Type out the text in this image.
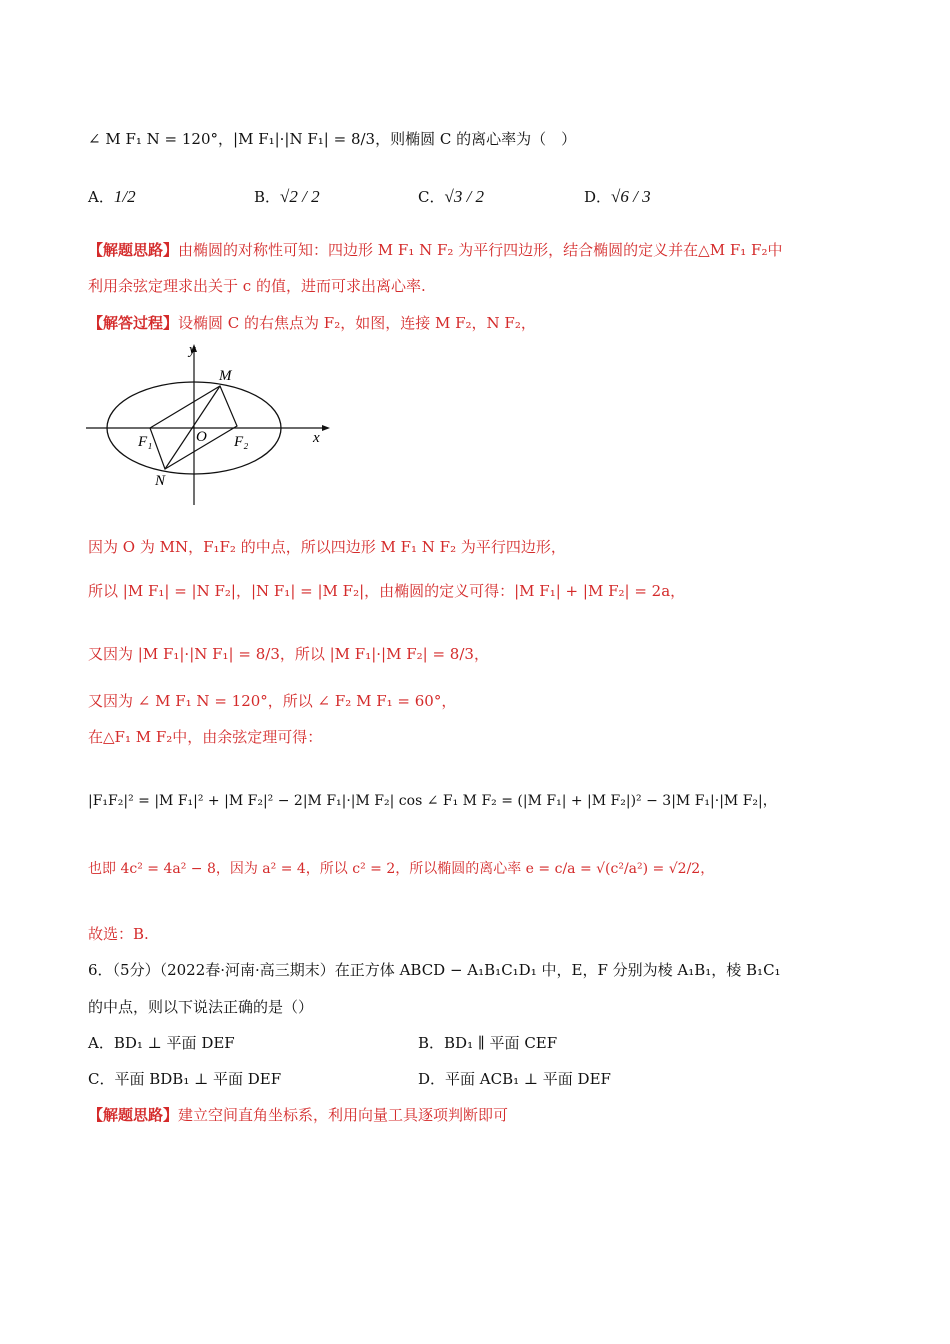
∠ M F₁ N = 120°，|M F₁|·|N F₁| = 8/3，则椭圆 C 的离心率为（　）
A．1/2	B．√2 / 2	C．√3 / 2	D．√6 / 3
【解题思路】由椭圆的对称性可知：四边形 M F₁ N F₂ 为平行四边形，结合椭圆的定义并在△M F₁ F₂中
利用余弦定理求出关于 c 的值，进而可求出离心率.
【解答过程】设椭圆 C 的右焦点为 F₂，如图，连接 M F₂，N F₂，
y
x
M
N
O
F₁	F₂
因为 O 为 MN，F₁F₂ 的中点，所以四边形 M F₁ N F₂ 为平行四边形，
所以 |M F₁| = |N F₂|，|N F₁| = |M F₂|，由椭圆的定义可得：|M F₁| + |M F₂| = 2a，
又因为 |M F₁|·|N F₁| = 8/3，所以 |M F₁|·|M F₂| = 8/3，
又因为 ∠ M F₁ N = 120°，所以 ∠ F₂ M F₁ = 60°，
在△F₁ M F₂中，由余弦定理可得：
|F₁F₂|² = |M F₁|² + |M F₂|² − 2|M F₁|·|M F₂| cos ∠ F₁ M F₂ = (|M F₁| + |M F₂|)² − 3|M F₁|·|M F₂|，
也即 4c² = 4a² − 8，因为 a² = 4，所以 c² = 2，所以椭圆的离心率 e = c/a = √(c²/a²) = √2/2，
故选：B.
6．（5分）（2022春·河南·高三期末）在正方体 ABCD − A₁B₁C₁D₁ 中，E，F 分别为棱 A₁B₁，棱 B₁C₁
的中点，则以下说法正确的是（）
A．BD₁ ⊥ 平面 DEF	B．BD₁ ∥ 平面 CEF
C．平面 BDB₁ ⊥ 平面 DEF	D．平面 ACB₁ ⊥ 平面 DEF
【解题思路】建立空间直角坐标系，利用向量工具逐项判断即可
